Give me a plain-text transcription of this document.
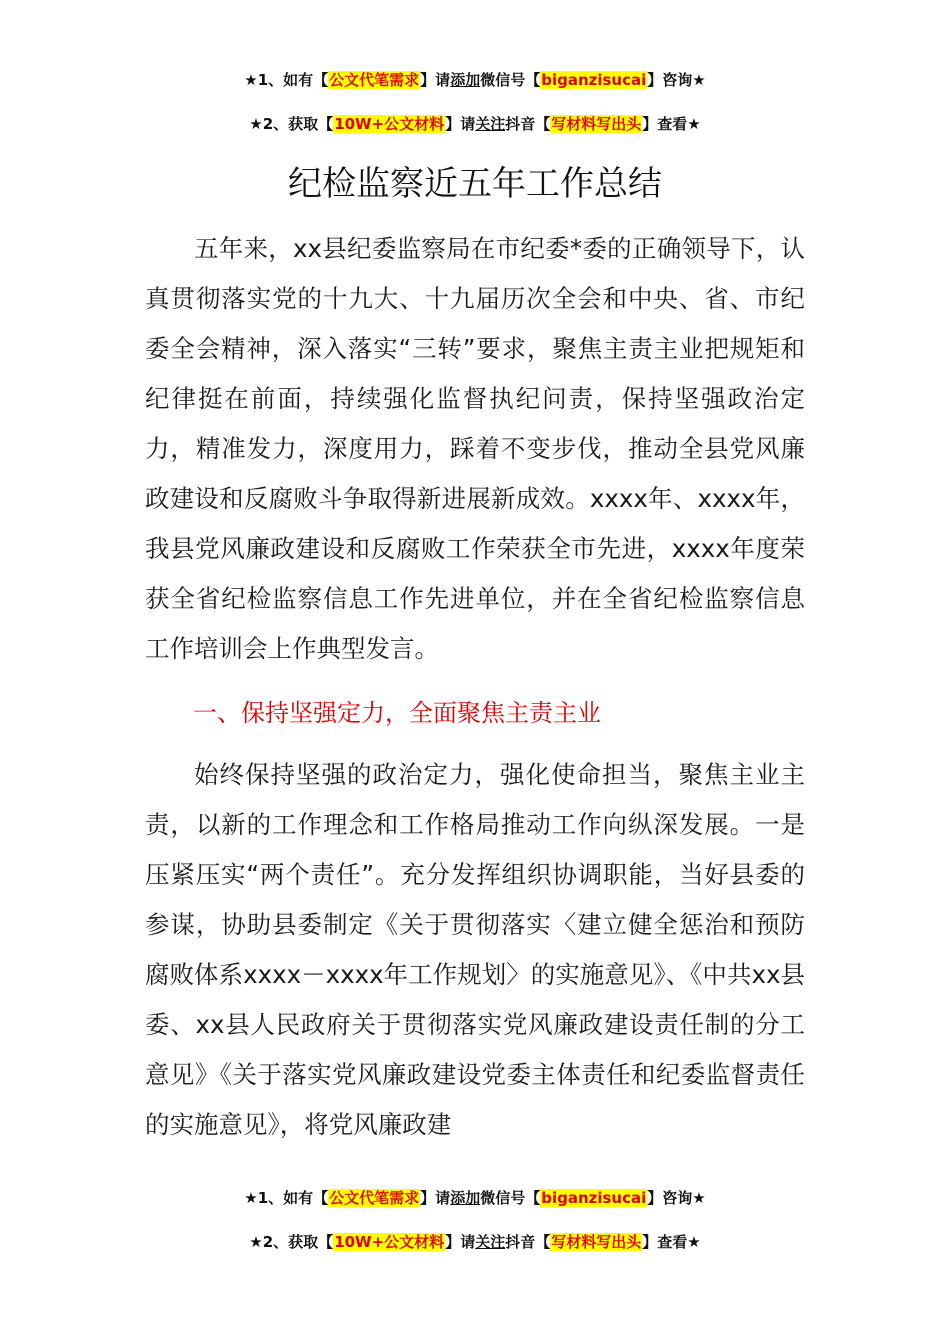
★1、如有【公文代笔需求】请添加微信号【biganzisucai】咨询★
★2、获取【10W+公文材料】请关注抖音【写材料写出头】查看★
纪检监察近五年工作总结

五年来，xx县纪委监察局在市纪委*委的正确领导下，认真贯彻落实党的十九大、十九届历次全会和中央、省、市纪委全会精神，深入落实“三转”要求，聚焦主责主业把规矩和纪律挺在前面，持续强化监督执纪问责，保持坚强政治定力，精准发力，深度用力，踩着不变步伐，推动全县党风廉政建设和反腐败斗争取得新进展新成效。xxxx年、xxxx年，我县党风廉政建设和反腐败工作荣获全市先进，xxxx年度荣获全省纪检监察信息工作先进单位，并在全省纪检监察信息工作培训会上作典型发言。

一、保持坚强定力，全面聚焦主责主业

始终保持坚强的政治定力，强化使命担当，聚焦主业主责，以新的工作理念和工作格局推动工作向纵深发展。一是压紧压实“两个责任”。充分发挥组织协调职能，当好县委的参谋，协助县委制定《关于贯彻落实〈建立健全惩治和预防腐败体系xxxx－xxxx年工作规划〉的实施意见》、《中共xx县委、xx县人民政府关于贯彻落实党风廉政建设责任制的分工意见》《关于落实党风廉政建设党委主体责任和纪委监督责任的实施意见》，将党风廉政建

★1、如有【公文代笔需求】请添加微信号【biganzisucai】咨询★
★2、获取【10W+公文材料】请关注抖音【写材料写出头】查看★
